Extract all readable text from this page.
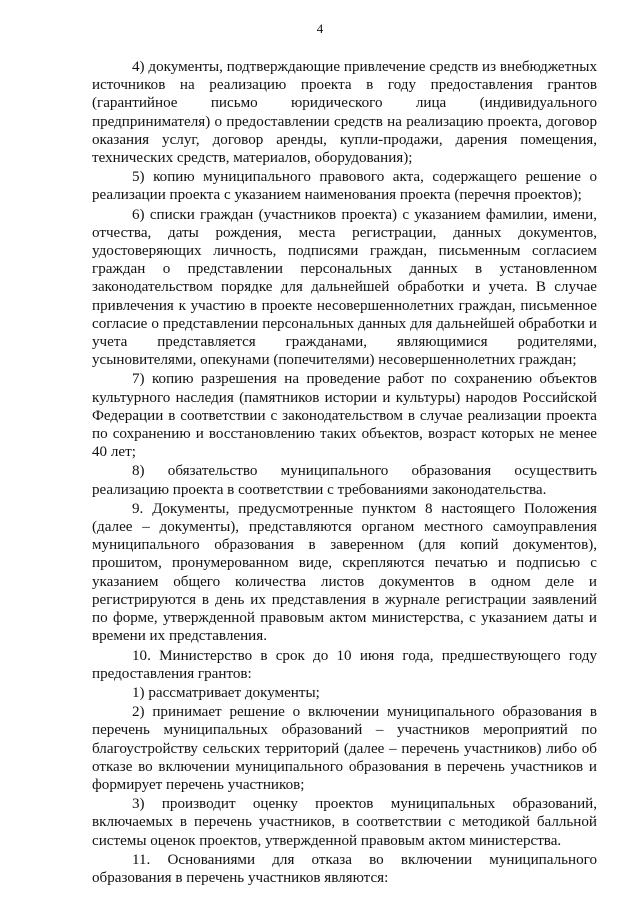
4

4) документы, подтверждающие привлечение средств из внебюджетных источников на реализацию проекта в году предоставления грантов (гарантийное письмо юридического лица (индивидуального предпринимателя) о предоставлении средств на реализацию проекта, договор оказания услуг, договор аренды, купли-продажи, дарения помещения, технических средств, материалов, оборудования);

5) копию муниципального правового акта, содержащего решение о реализации проекта с указанием наименования проекта (перечня проектов);

6) списки граждан (участников проекта) с указанием фамилии, имени, отчества, даты рождения, места регистрации, данных документов, удостоверяющих личность, подписями граждан, письменным согласием граждан о представлении персональных данных в установленном законодательством порядке для дальнейшей обработки и учета. В случае привлечения к участию в проекте несовершеннолетних граждан, письменное согласие о представлении персональных данных для дальнейшей обработки и учета представляется гражданами, являющимися родителями, усыновителями, опекунами (попечителями) несовершеннолетних граждан;

7) копию разрешения на проведение работ по сохранению объектов культурного наследия (памятников истории и культуры) народов Российской Федерации в соответствии с законодательством в случае реализации проекта по сохранению и восстановлению таких объектов, возраст которых не менее 40 лет;

8) обязательство муниципального образования осуществить реализацию проекта в соответствии с требованиями законодательства.

9. Документы, предусмотренные пунктом 8 настоящего Положения (далее – документы), представляются органом местного самоуправления муниципального образования в заверенном (для копий документов), прошитом, пронумерованном виде, скрепляются печатью и подписью с указанием общего количества листов документов в одном деле и регистрируются в день их представления в журнале регистрации заявлений по форме, утвержденной правовым актом министерства, с указанием даты и времени их представления.

10. Министерство в срок до 10 июня года, предшествующего году предоставления грантов:

1) рассматривает документы;

2) принимает решение о включении муниципального образования в перечень муниципальных образований – участников мероприятий по благоустройству сельских территорий (далее – перечень участников) либо об отказе во включении муниципального образования в перечень участников и формирует перечень участников;

3) производит оценку проектов муниципальных образований, включаемых в перечень участников, в соответствии с методикой балльной системы оценок проектов, утвержденной правовым актом министерства.

11. Основаниями для отказа во включении муниципального образования в перечень участников являются:
